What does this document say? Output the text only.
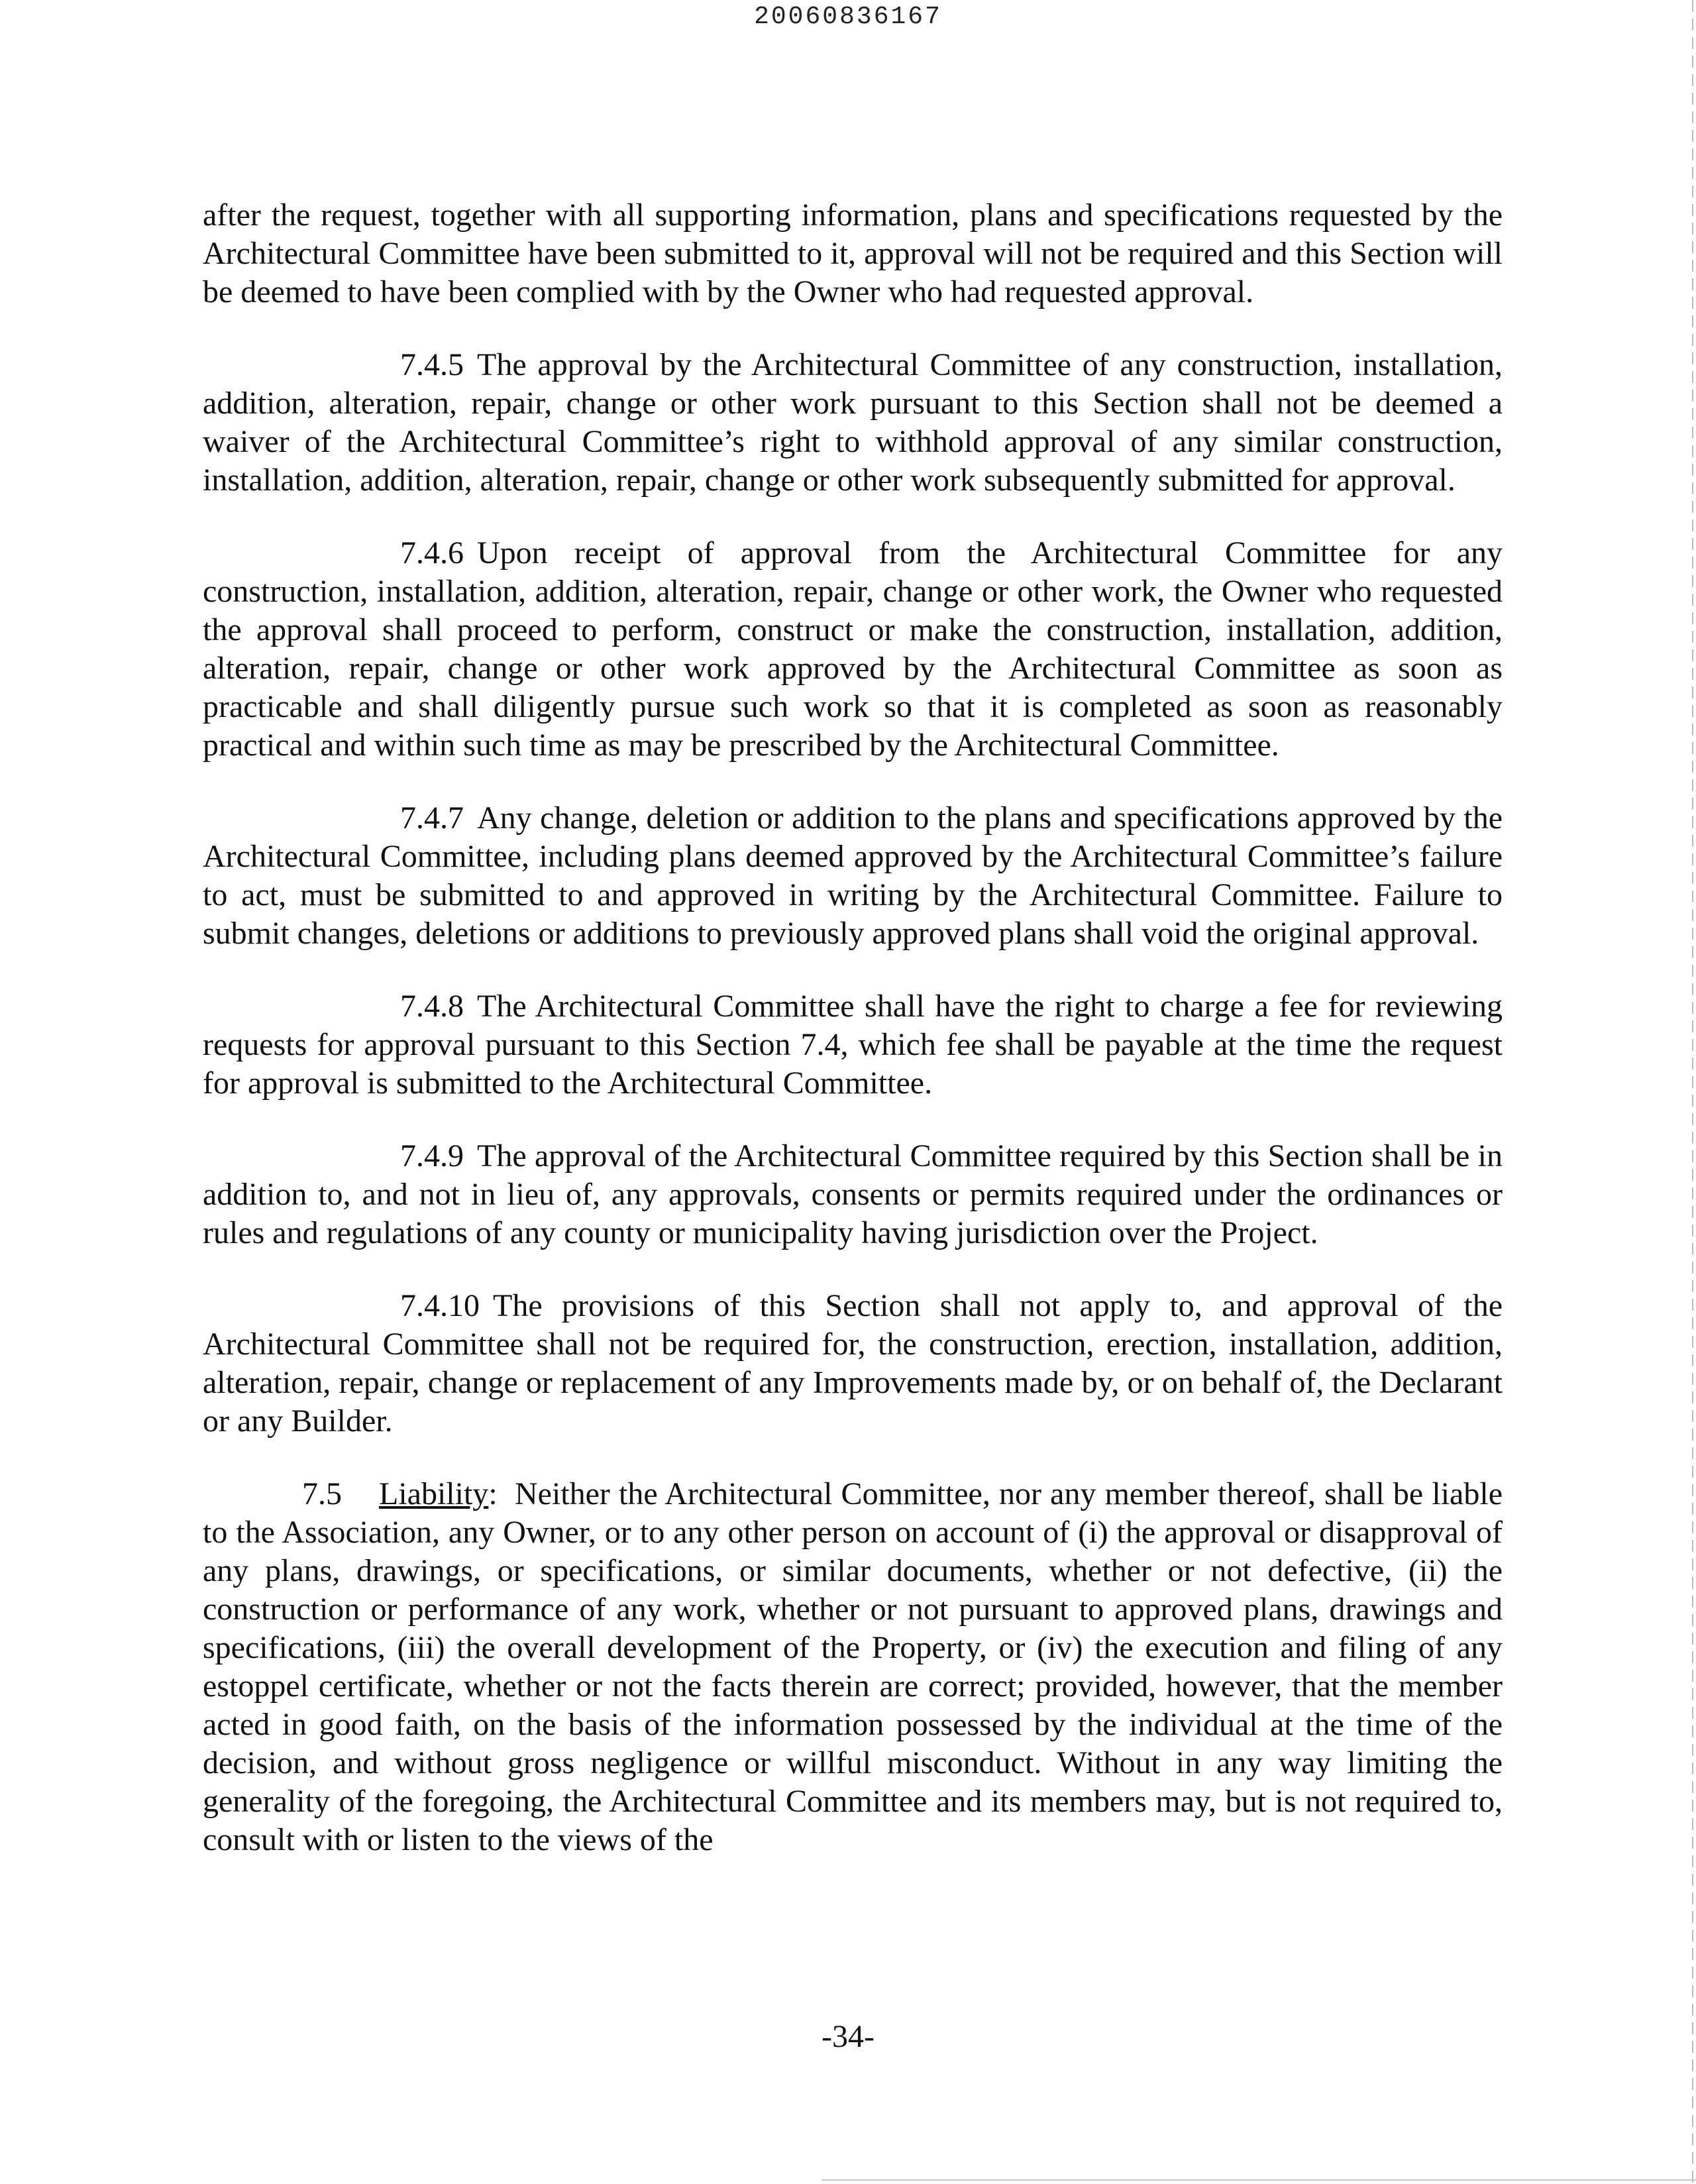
20060836167

after the request, together with all supporting information, plans and specifications requested by the Architectural Committee have been submitted to it, approval will not be required and this Section will be deemed to have been complied with by the Owner who had requested approval.

7.4.5 The approval by the Architectural Committee of any construction, installation, addition, alteration, repair, change or other work pursuant to this Section shall not be deemed a waiver of the Architectural Committee’s right to withhold approval of any similar construction, installation, addition, alteration, repair, change or other work subsequently submitted for approval.

7.4.6 Upon receipt of approval from the Architectural Committee for any construction, installation, addition, alteration, repair, change or other work, the Owner who requested the approval shall proceed to perform, construct or make the construction, installation, addition, alteration, repair, change or other work approved by the Architectural Committee as soon as practicable and shall diligently pursue such work so that it is completed as soon as reasonably practical and within such time as may be prescribed by the Architectural Committee.

7.4.7 Any change, deletion or addition to the plans and specifications approved by the Architectural Committee, including plans deemed approved by the Architectural Committee’s failure to act, must be submitted to and approved in writing by the Architectural Committee. Failure to submit changes, deletions or additions to previously approved plans shall void the original approval.

7.4.8 The Architectural Committee shall have the right to charge a fee for reviewing requests for approval pursuant to this Section 7.4, which fee shall be payable at the time the request for approval is submitted to the Architectural Committee.

7.4.9 The approval of the Architectural Committee required by this Section shall be in addition to, and not in lieu of, any approvals, consents or permits required under the ordinances or rules and regulations of any county or municipality having jurisdiction over the Project.

7.4.10 The provisions of this Section shall not apply to, and approval of the Architectural Committee shall not be required for, the construction, erection, installation, addition, alteration, repair, change or replacement of any Improvements made by, or on behalf of, the Declarant or any Builder.

7.5 Liability: Neither the Architectural Committee, nor any member thereof, shall be liable to the Association, any Owner, or to any other person on account of (i) the approval or disapproval of any plans, drawings, or specifications, or similar documents, whether or not defective, (ii) the construction or performance of any work, whether or not pursuant to approved plans, drawings and specifications, (iii) the overall development of the Property, or (iv) the execution and filing of any estoppel certificate, whether or not the facts therein are correct; provided, however, that the member acted in good faith, on the basis of the information possessed by the individual at the time of the decision, and without gross negligence or willful misconduct. Without in any way limiting the generality of the foregoing, the Architectural Committee and its members may, but is not required to, consult with or listen to the views of the

-34-
